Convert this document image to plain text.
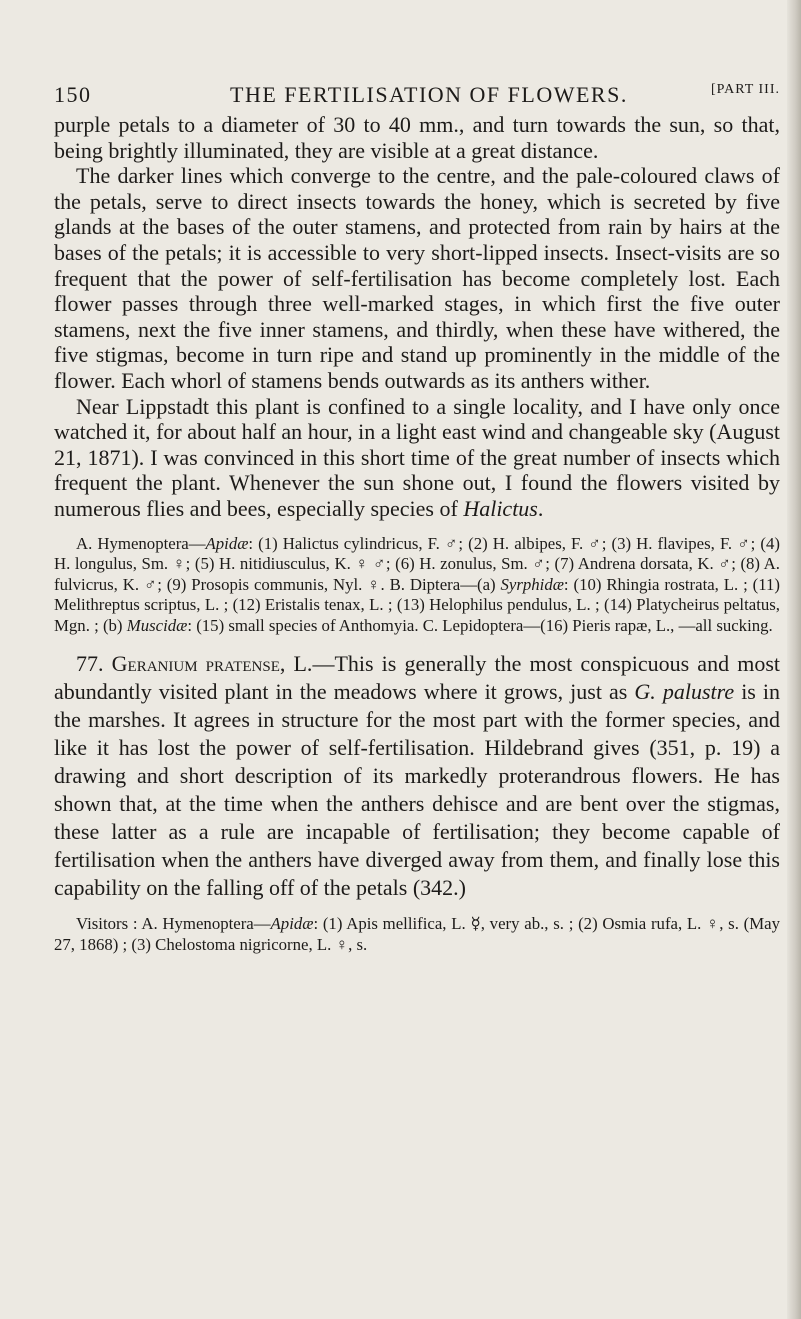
150	THE FERTILISATION OF FLOWERS.	[PART III.

purple petals to a diameter of 30 to 40 mm., and turn towards the sun, so that, being brightly illuminated, they are visible at a great distance.

The darker lines which converge to the centre, and the pale-coloured claws of the petals, serve to direct insects towards the honey, which is secreted by five glands at the bases of the outer stamens, and protected from rain by hairs at the bases of the petals; it is accessible to very short-lipped insects. Insect-visits are so frequent that the power of self-fertilisation has become completely lost. Each flower passes through three well-marked stages, in which first the five outer stamens, next the five inner stamens, and thirdly, when these have withered, the five stigmas, become in turn ripe and stand up prominently in the middle of the flower. Each whorl of stamens bends outwards as its anthers wither.

Near Lippstadt this plant is confined to a single locality, and I have only once watched it, for about half an hour, in a light east wind and changeable sky (August 21, 1871). I was convinced in this short time of the great number of insects which frequent the plant. Whenever the sun shone out, I found the flowers visited by numerous flies and bees, especially species of Halictus.

A. Hymenoptera—Apidæ: (1) Halictus cylindricus, F. ♂; (2) H. albipes, F. ♂; (3) H. flavipes, F. ♂; (4) H. longulus, Sm. ♀; (5) H. nitidiusculus, K. ♀ ♂; (6) H. zonulus, Sm. ♂; (7) Andrena dorsata, K. ♂; (8) A. fulvicrus, K. ♂; (9) Prosopis communis, Nyl. ♀. B. Diptera—(a) Syrphidæ: (10) Rhingia rostrata, L. ; (11) Melithreptus scriptus, L. ; (12) Eristalis tenax, L. ; (13) Helophilus pendulus, L. ; (14) Platycheirus peltatus, Mgn. ; (b) Muscidæ: (15) small species of Anthomyia. C. Lepidoptera—(16) Pieris rapæ, L., —all sucking.

77. Geranium pratense, L.—This is generally the most conspicuous and most abundantly visited plant in the meadows where it grows, just as G. palustre is in the marshes. It agrees in structure for the most part with the former species, and like it has lost the power of self-fertilisation. Hildebrand gives (351, p. 19) a drawing and short description of its markedly proterandrous flowers. He has shown that, at the time when the anthers dehisce and are bent over the stigmas, these latter as a rule are incapable of fertilisation; they become capable of fertilisation when the anthers have diverged away from them, and finally lose this capability on the falling off of the petals (342.)

Visitors : A. Hymenoptera—Apidæ: (1) Apis mellifica, L. ☿, very ab., s. ; (2) Osmia rufa, L. ♀, s. (May 27, 1868) ; (3) Chelostoma nigricorne, L. ♀, s.
